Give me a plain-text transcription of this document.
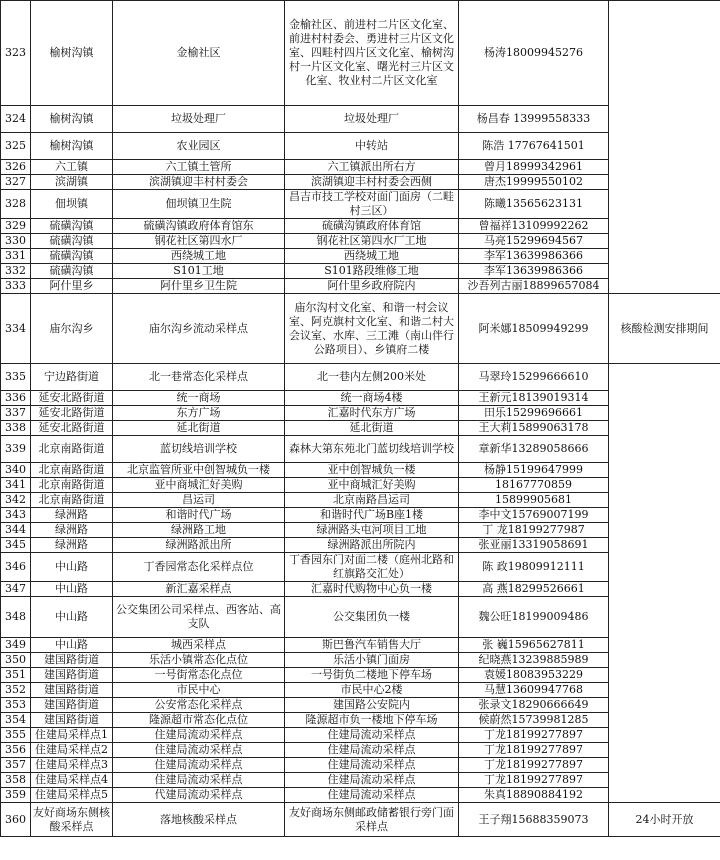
323	榆树沟镇	金榆社区	金榆社区、前进村二片区文化室、前进村村委会、勇进村三片区文化室、四畦村四片区文化室、榆树沟村一片区文化室、曙光村三片区文化室、牧业村二片区文化室	杨涛18009945276	
324	榆树沟镇	垃圾处理厂	垃圾处理厂	杨昌春 13999558333	
325	榆树沟镇	农业园区	中转站	陈浩 17767641501	
326	六工镇	六工镇土管所	六工镇派出所右方	曾月18999342961	
327	滨湖镇	滨湖镇迎丰村村委会	滨湖镇迎丰村村委会西侧	唐杰19999550102	
328	佃坝镇	佃坝镇卫生院	昌吉市技工学校对面门面房（二畦村三区）	陈曦13565623131	
329	硫磺沟镇	硫磺沟镇政府体育馆东	硫磺沟镇政府体育馆	曾福祥13109992262	
330	硫磺沟镇	钢花社区第四水厂	钢花社区第四水厂工地	马亮15299694567	
331	硫磺沟镇	西绕城工地	西绕城工地	李军13639986366	
332	硫磺沟镇	S101工地	S101路段维修工地	李军13639986366	
333	阿什里乡	阿什里乡卫生院	阿什里乡政府院内	沙吾列古丽18899657084	
334	庙尔沟乡	庙尔沟乡流动采样点	庙尔沟村文化室、和谐一村会议室、阿克旗村文化室、和谐二村大会议室、水库、三工滩（南山伴行公路项目）、乡镇府二楼	阿米娜18509949299	核酸检测安排期间
335	宁边路街道	北一巷常态化采样点	北一巷内左侧200米处	马翠玲15299666610	
336	延安北路街道	统一商场	统一商场4楼	王新元18139019314	
337	延安北路街道	东方广场	汇嘉时代东方广场	田乐15299696661	
338	延安北路街道	延北街道	延北街道	王大莉15899063178	
339	北京南路街道	蓝切线培训学校	森林大第东苑北门蓝切线培训学校	章新华13289058666	
340	北京南路街道	北京监管所亚中创智城负一楼	亚中创智城负一楼	杨静15199647999	
341	北京南路街道	亚中商城汇好美购	亚中商城汇好美购	18167770859	
342	北京南路街道	昌运司	北京南路昌运司	15899905681	
343	绿洲路	和谐时代广场	和谐时代广场B座1楼	李中文15769007199	
344	绿洲路	绿洲路工地	绿洲路头屯河项目工地	丁 龙18199277987	
345	绿洲路	绿洲路派出所	绿洲路派出所院内	张亚丽13319058691	
346	中山路	丁香园常态化采样点位	丁香园东门对面二楼（庭州北路和红旗路交汇处）	陈 政19809912111	
347	中山路	新汇嘉采样点	汇嘉时代购物中心负一楼	高 燕18299526661	
348	中山路	公交集团公司采样点、西客站、高支队	公交集团负一楼	魏公旺18199009486	
349	中山路	城西采样点	斯巴鲁汽车销售大厅	张 巍15965627811	
350	建国路街道	乐活小镇常态化点位	乐活小镇门面房	纪晓燕13239885989	
351	建国路街道	一号街常态化点位	一号街负二楼地下停车场	袁媛18083953229	
352	建国路街道	市民中心	市民中心2楼	马慧13609947768	
353	建国路街道	公安常态化采样点	建国路公安院内	张录文18290666649	
354	建国路街道	隆源超市常态化点位	隆源超市负一楼地下停车场	候蔚然15739981285	
355	住建局采样点1	住建局流动采样点	住建局流动采样点	丁龙18199277897	
356	住建局采样点2	住建局流动采样点	住建局流动采样点	丁龙18199277897	
357	住建局采样点3	住建局流动采样点	住建局流动采样点	丁龙18199277897	
358	住建局采样点4	住建局流动采样点	住建局流动采样点	丁龙18199277897	
359	住建局采样点5	代建局流动采样点	住建局流动采样点	朱真18890884192	
360	友好商场东侧核酸采样点	落地核酸采样点	友好商场东侧邮政储蓄银行旁门面采样点	王子翔15688359073	24小时开放
